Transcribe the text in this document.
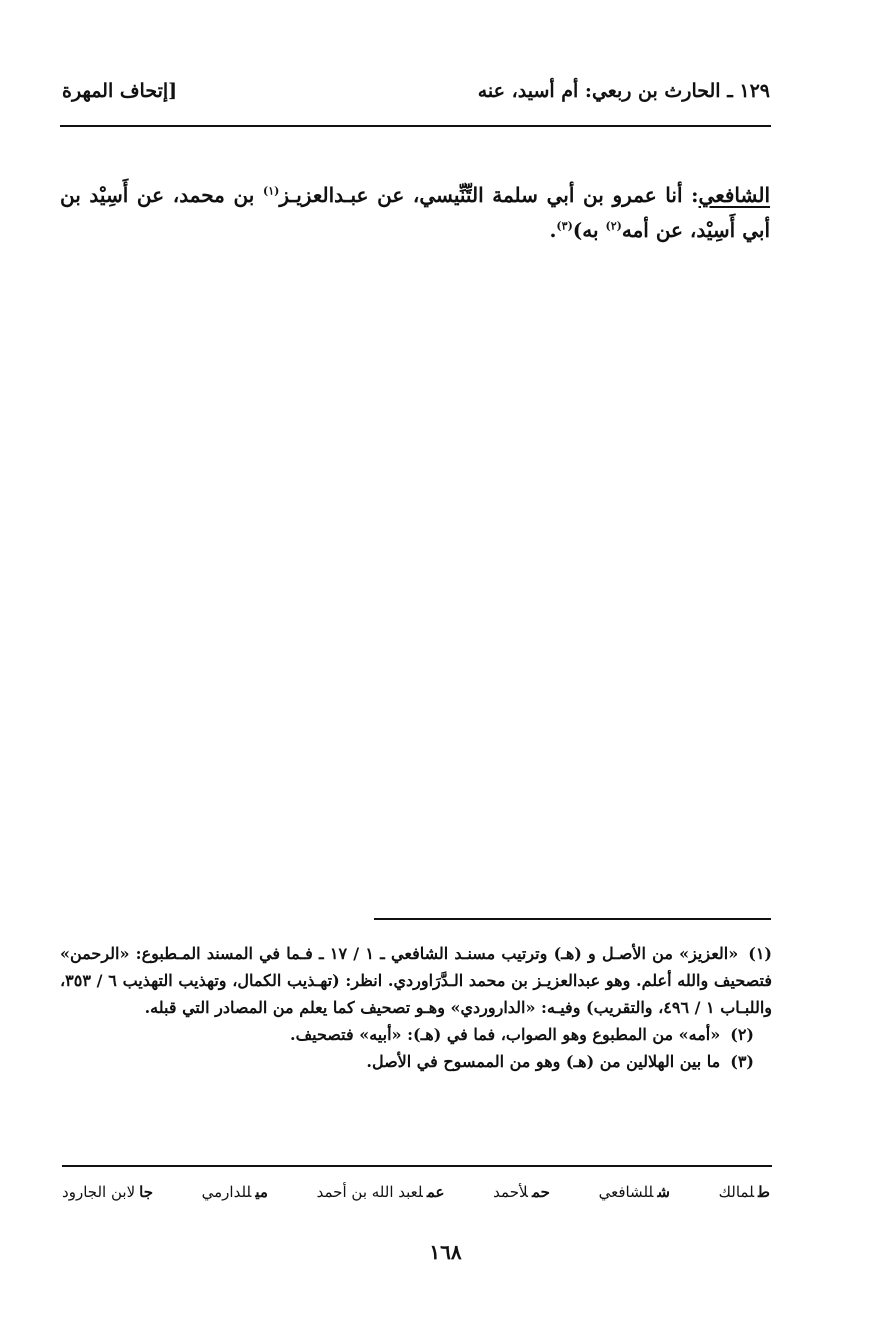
١٢٩ ـ الحارث بن ربعي: أم أسيد، عنه
[إتحاف المهرة

الشافعي: أنا عمرو بن أبي سلمة التِّنِّيسي، عن عبـدالعزيـز$^{(١)}$ بن محمد، عن أَسِيْد بن أبي أَسِيْد، عن أمه$^{(٢)}$ به)$^{(٣)}$.

(١)«العزيز» من الأصـل و (هـ) وترتيب مسنـد الشافعي ـ ١ / ١٧ ـ فـما في المسند المـطبوع: «الرحمن» فتصحيف والله أعلم. وهو عبدالعزيـز بن محمد الـدَّرَاوردي. انظر: (تهـذيب الكمال، وتهذيب التهذيب ٦ / ٣٥٣، واللبـاب ١ / ٤٩٦، والتقريب) وفيـه: «الداروردي» وهـو تصحيف كما يعلم من المصادر التي قبله.

(٢)«أمه» من المطبوع وهو الصواب، فما في (هـ): «أبيه» فتصحيف.

(٣)ما بين الهلالين من (هـ) وهو من الممسوح في الأصل.

طلمالك
شللشافعي
حملأحمد
عملعبد الله بن أحمد
ميللدارمي
جالابن الجارود
١٦٨
